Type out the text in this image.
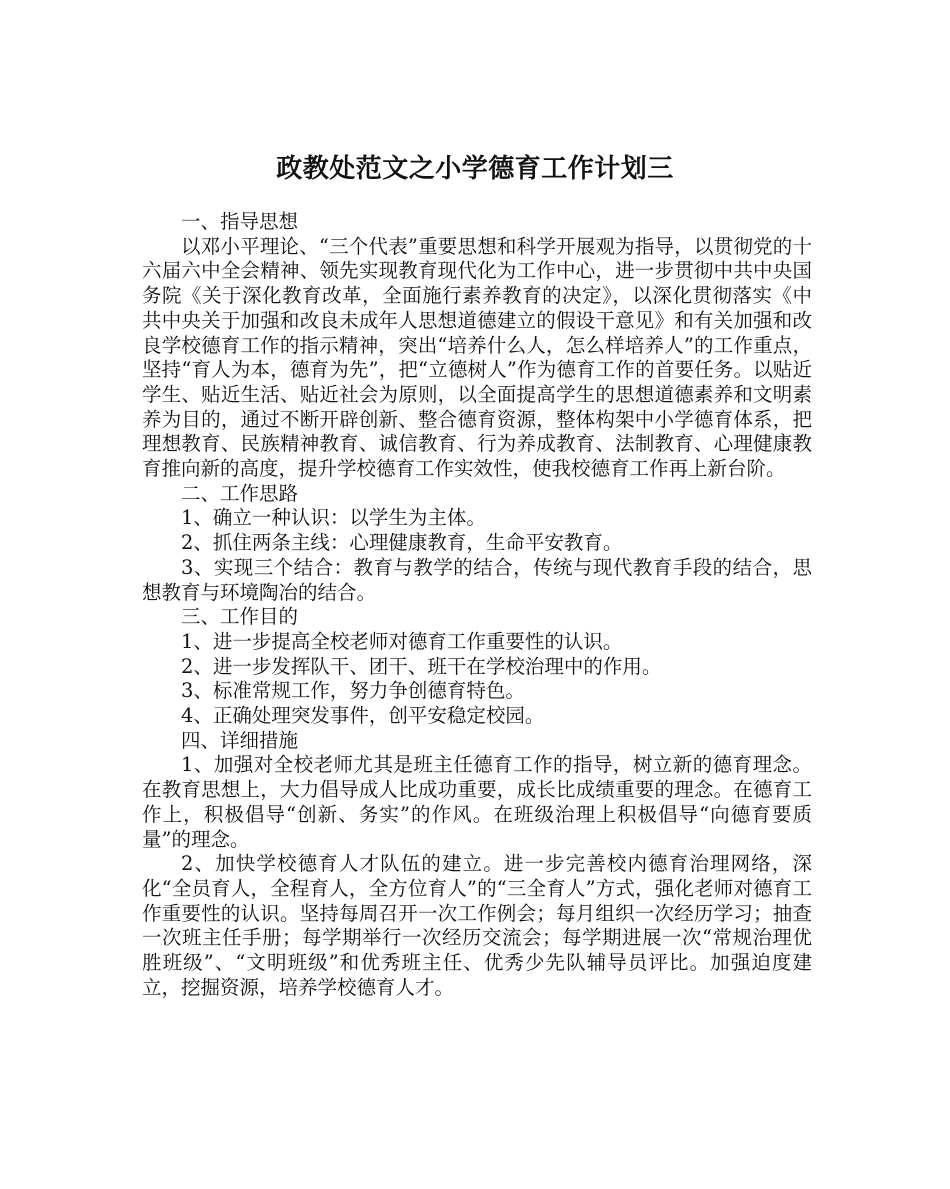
政教处范文之小学德育工作计划三

一、指导思想

以邓小平理论、“三个代表”重要思想和科学开展观为指导，以贯彻党的十六届六中全会精神、领先实现教育现代化为工作中心，进一步贯彻中共中央国务院《关于深化教育改革，全面施行素养教育的决定》，以深化贯彻落实《中共中央关于加强和改良未成年人思想道德建立的假设干意见》和有关加强和改良学校德育工作的指示精神，突出“培养什么人，怎么样培养人”的工作重点，坚持“育人为本，德育为先”，把“立德树人”作为德育工作的首要任务。以贴近学生、贴近生活、贴近社会为原则，以全面提高学生的思想道德素养和文明素养为目的，通过不断开辟创新、整合德育资源，整体构架中小学德育体系，把理想教育、民族精神教育、诚信教育、行为养成教育、法制教育、心理健康教育推向新的高度，提升学校德育工作实效性，使我校德育工作再上新台阶。

二、工作思路

1、确立一种认识：以学生为主体。

2、抓住两条主线：心理健康教育，生命平安教育。

3、实现三个结合：教育与教学的结合，传统与现代教育手段的结合，思想教育与环境陶冶的结合。

三、工作目的

1、进一步提高全校老师对德育工作重要性的认识。

2、进一步发挥队干、团干、班干在学校治理中的作用。

3、标准常规工作，努力争创德育特色。

4、正确处理突发事件，创平安稳定校园。

四、详细措施

1、加强对全校老师尤其是班主任德育工作的指导，树立新的德育理念。在教育思想上，大力倡导成人比成功重要，成长比成绩重要的理念。在德育工作上，积极倡导“创新、务实”的作风。在班级治理上积极倡导“向德育要质量”的理念。

2、加快学校德育人才队伍的建立。进一步完善校内德育治理网络，深化“全员育人，全程育人，全方位育人”的“三全育人”方式，强化老师对德育工作重要性的认识。坚持每周召开一次工作例会；每月组织一次经历学习；抽查一次班主任手册；每学期举行一次经历交流会；每学期进展一次“常规治理优胜班级”、“文明班级”和优秀班主任、优秀少先队辅导员评比。加强迫度建立，挖掘资源，培养学校德育人才。
